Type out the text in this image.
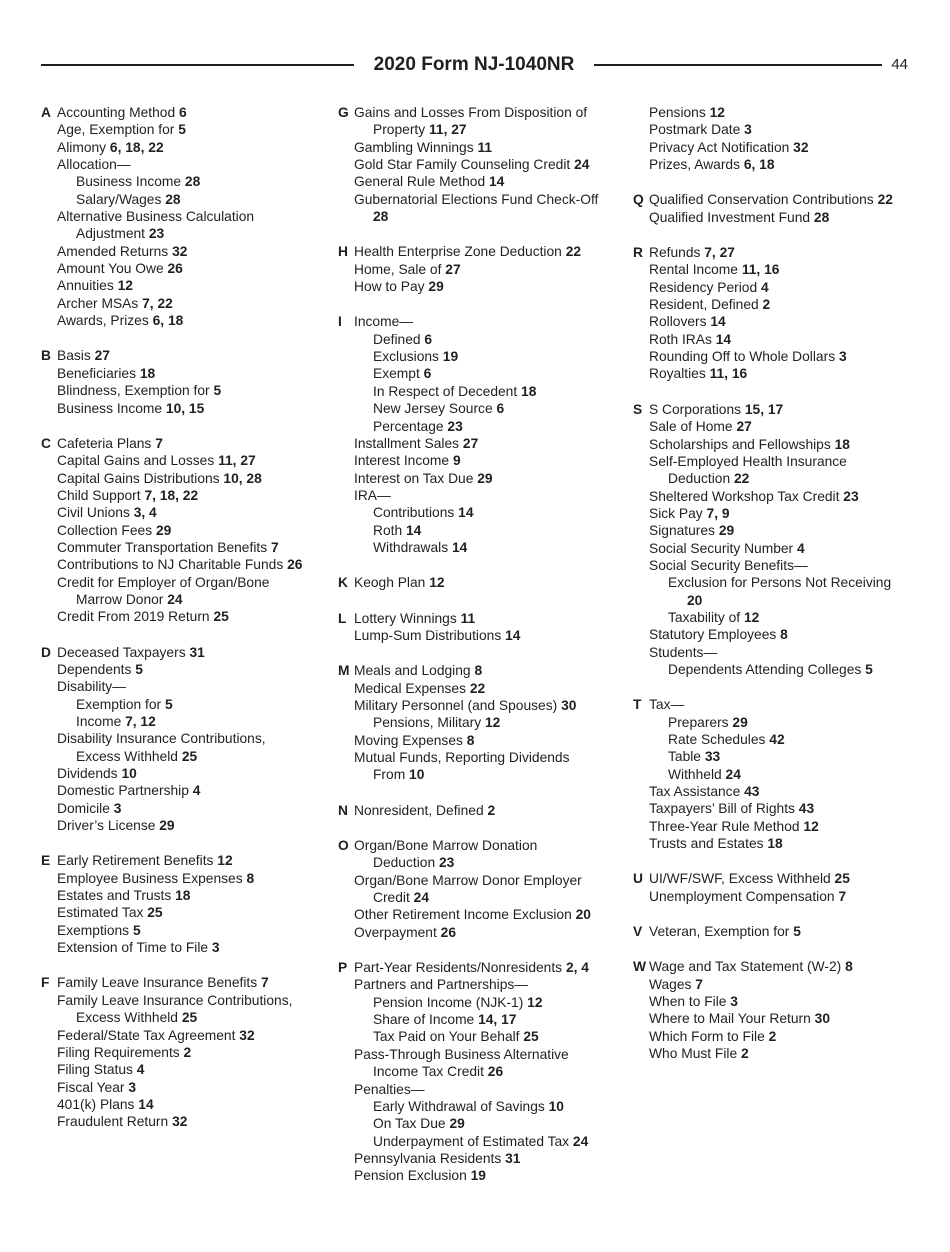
2020 Form NJ-1040NR	44
A Accounting Method 6
Age, Exemption for 5
Alimony 6, 18, 22
Allocation—
Business Income 28
Salary/Wages 28
Alternative Business Calculation
Adjustment 23
Amended Returns 32
Amount You Owe 26
Annuities 12
Archer MSAs 7, 22
Awards, Prizes 6, 18
B Basis 27
Beneficiaries 18
Blindness, Exemption for 5
Business Income 10, 15
C Cafeteria Plans 7
Capital Gains and Losses 11, 27
Capital Gains Distributions 10, 28
Child Support 7, 18, 22
Civil Unions 3, 4
Collection Fees 29
Commuter Transportation Benefits 7
Contributions to NJ Charitable Funds 26
Credit for Employer of Organ/Bone
Marrow Donor 24
Credit From 2019 Return 25
D Deceased Taxpayers 31
Dependents 5
Disability—
Exemption for 5
Income 7, 12
Disability Insurance Contributions,
Excess Withheld 25
Dividends 10
Domestic Partnership 4
Domicile 3
Driver’s License 29
E Early Retirement Benefits 12
Employee Business Expenses 8
Estates and Trusts 18
Estimated Tax 25
Exemptions 5
Extension of Time to File 3
F Family Leave Insurance Benefits 7
Family Leave Insurance Contributions,
Excess Withheld 25
Federal/State Tax Agreement 32
Filing Requirements 2
Filing Status 4
Fiscal Year 3
401(k) Plans 14
Fraudulent Return 32
G Gains and Losses From Disposition of
Property 11, 27
Gambling Winnings 11
Gold Star Family Counseling Credit 24
General Rule Method 14
Gubernatorial Elections Fund Check-Off
28
H Health Enterprise Zone Deduction 22
Home, Sale of 27
How to Pay 29
I Income—
Defined 6
Exclusions 19
Exempt 6
In Respect of Decedent 18
New Jersey Source 6
Percentage 23
Installment Sales 27
Interest Income 9
Interest on Tax Due 29
IRA—
Contributions 14
Roth 14
Withdrawals 14
K Keogh Plan 12
L Lottery Winnings 11
Lump-Sum Distributions 14
M Meals and Lodging 8
Medical Expenses 22
Military Personnel (and Spouses) 30
Pensions, Military 12
Moving Expenses 8
Mutual Funds, Reporting Dividends
From 10
N Nonresident, Defined 2
O Organ/Bone Marrow Donation
Deduction 23
Organ/Bone Marrow Donor Employer
Credit 24
Other Retirement Income Exclusion 20
Overpayment 26
P Part-Year Residents/Nonresidents 2, 4
Partners and Partnerships—
Pension Income (NJK-1) 12
Share of Income 14, 17
Tax Paid on Your Behalf 25
Pass-Through Business Alternative
Income Tax Credit 26
Penalties—
Early Withdrawal of Savings 10
On Tax Due 29
Underpayment of Estimated Tax 24
Pennsylvania Residents 31
Pension Exclusion 19
Pensions 12
Postmark Date 3
Privacy Act Notification 32
Prizes, Awards 6, 18
Q Qualified Conservation Contributions 22
Qualified Investment Fund 28
R Refunds 7, 27
Rental Income 11, 16
Residency Period 4
Resident, Defined 2
Rollovers 14
Roth IRAs 14
Rounding Off to Whole Dollars 3
Royalties 11, 16
S S Corporations 15, 17
Sale of Home 27
Scholarships and Fellowships 18
Self-Employed Health Insurance
Deduction 22
Sheltered Workshop Tax Credit 23
Sick Pay 7, 9
Signatures 29
Social Security Number 4
Social Security Benefits—
Exclusion for Persons Not Receiving
20
Taxability of 12
Statutory Employees 8
Students—
Dependents Attending Colleges 5
T Tax—
Preparers 29
Rate Schedules 42
Table 33
Withheld 24
Tax Assistance 43
Taxpayers’ Bill of Rights 43
Three-Year Rule Method 12
Trusts and Estates 18
U UI/WF/SWF, Excess Withheld 25
Unemployment Compensation 7
V Veteran, Exemption for 5
W Wage and Tax Statement (W-2) 8
Wages 7
When to File 3
Where to Mail Your Return 30
Which Form to File 2
Who Must File 2
